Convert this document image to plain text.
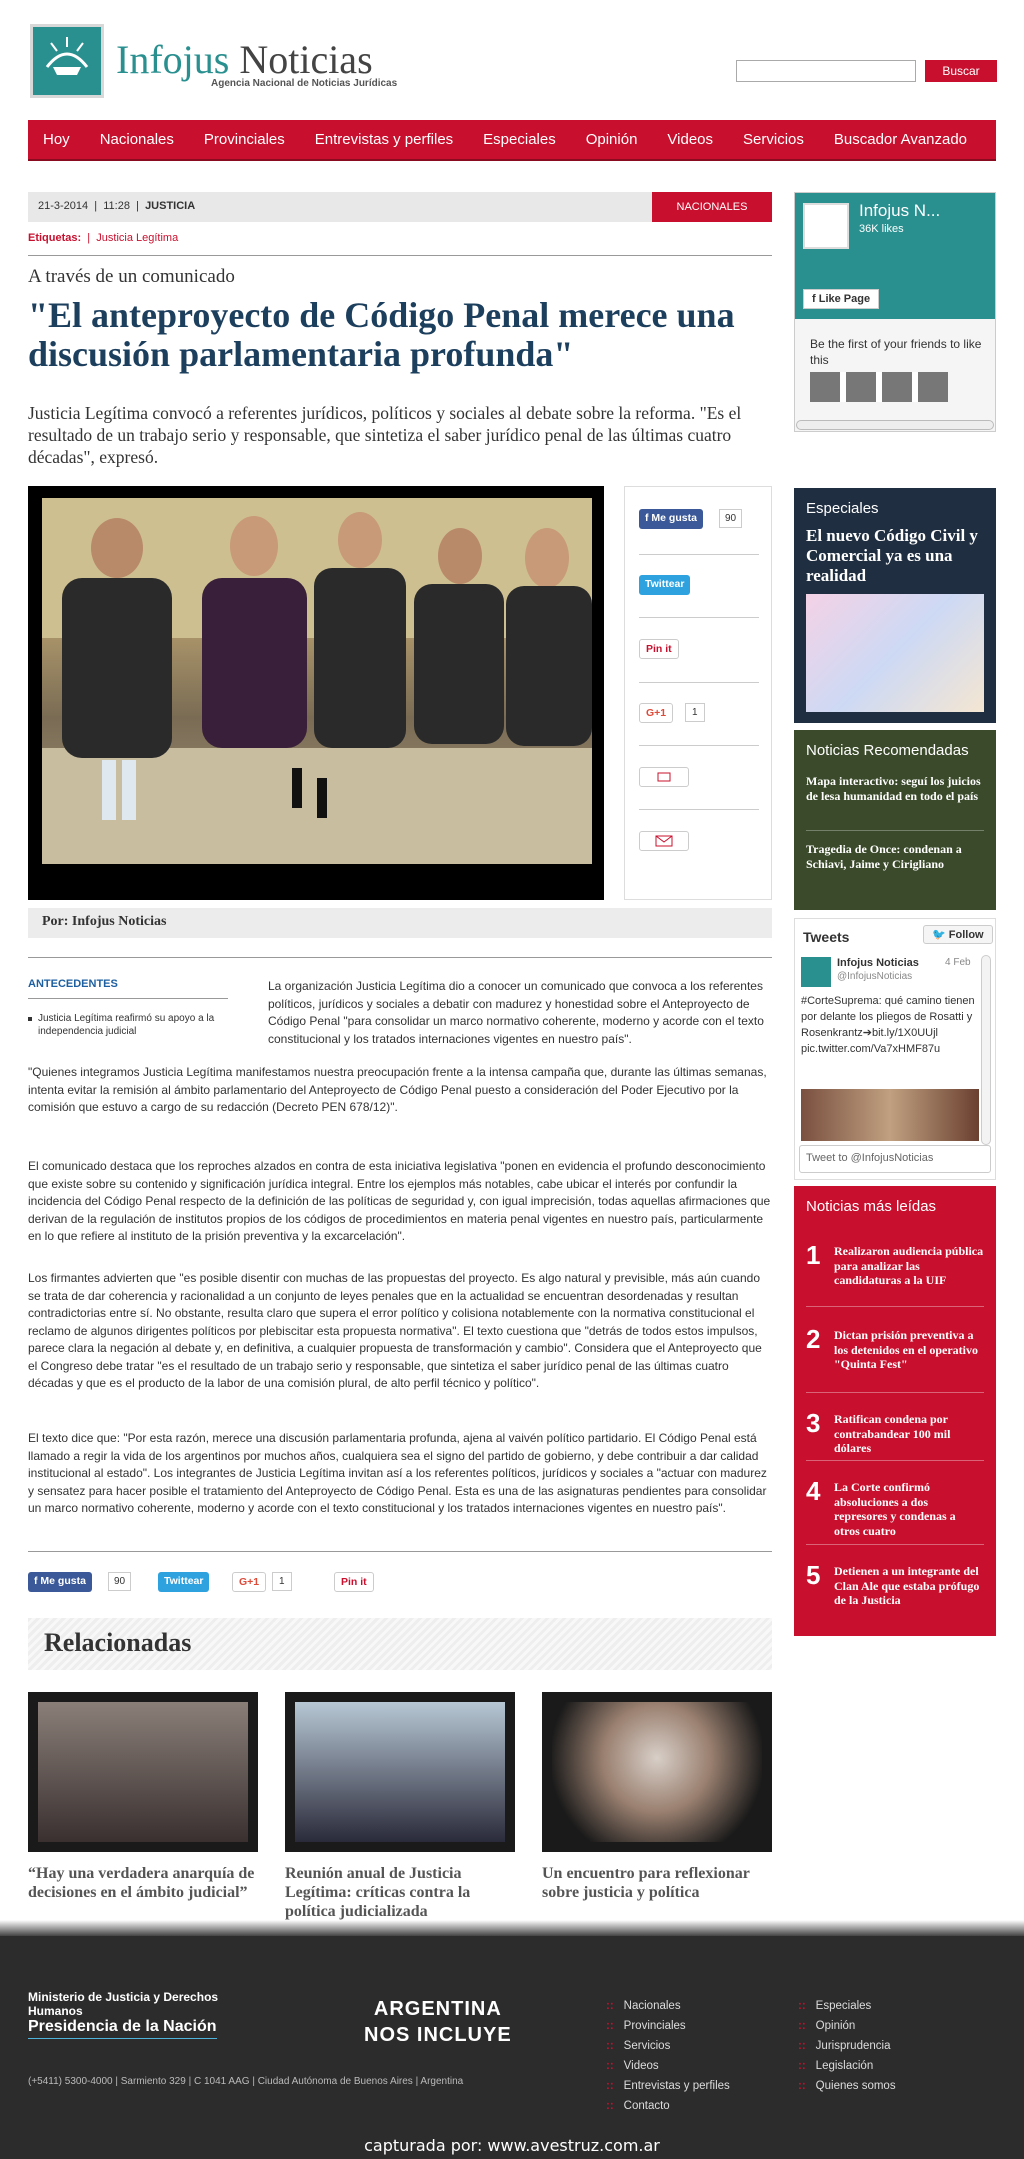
Infojus Noticias
Agencia Nacional de Noticias Jurídicas
Buscar
Hoy	Nacionales	Provinciales	Entrevistas y perfiles	Especiales	Opinión	Videos	Servicios	Buscador Avanzado
21-3-2014  |  11:28  |  JUSTICIA	NACIONALES
Etiquetas:  |  Justicia Legítima
A través de un comunicado
"El anteproyecto de Código Penal merece una discusión parlamentaria profunda"

Justicia Legítima convocó a referentes jurídicos, políticos y sociales al debate sobre la reforma. "Es el resultado de un trabajo serio y responsable, que sintetiza el saber jurídico penal de las últimas cuatro décadas", expresó.

f Me gusta	90
Twittear
Pin it
G+1	1
Por: Infojus Noticias
ANTECEDENTES
Justicia Legítima reafirmó su apoyo a la independencia judicial

La organización Justicia Legítima dio a conocer un comunicado que convoca a los referentes políticos, jurídicos y sociales a debatir con madurez y honestidad sobre el Anteproyecto de Código Penal "para consolidar un marco normativo coherente, moderno y acorde con el texto constitucional y los tratados internaciones vigentes en nuestro país".

"Quienes integramos Justicia Legítima manifestamos nuestra preocupación frente a la intensa campaña que, durante las últimas semanas, intenta evitar la remisión al ámbito parlamentario del Anteproyecto de Código Penal puesto a consideración del Poder Ejecutivo por la comisión que estuvo a cargo de su redacción (Decreto PEN 678/12)".

El comunicado destaca que los reproches alzados en contra de esta iniciativa legislativa "ponen en evidencia el profundo desconocimiento que existe sobre su contenido y significación jurídica integral. Entre los ejemplos más notables, cabe ubicar el interés por confundir la incidencia del Código Penal respecto de la definición de las políticas de seguridad y, con igual imprecisión, todas aquellas afirmaciones que derivan de la regulación de institutos propios de los códigos de procedimientos en materia penal vigentes en nuestro país, particularmente en lo que refiere al instituto de la prisión preventiva y la excarcelación".

Los firmantes advierten que "es posible disentir con muchas de las propuestas del proyecto. Es algo natural y previsible, más aún cuando se trata de dar coherencia y racionalidad a un conjunto de leyes penales que en la actualidad se encuentran desordenadas y resultan contradictorias entre sí. No obstante, resulta claro que supera el error político y colisiona notablemente con la normativa constitucional el reclamo de algunos dirigentes políticos por plebiscitar esta propuesta normativa". El texto cuestiona que "detrás de todos estos impulsos, parece clara la negación al debate y, en definitiva, a cualquier propuesta de transformación y cambio". Considera que el Anteproyecto que el Congreso debe tratar "es el resultado de un trabajo serio y responsable, que sintetiza el saber jurídico penal de las últimas cuatro décadas y que es el producto de la labor de una comisión plural, de alto perfil técnico y político".

El texto dice que: "Por esta razón, merece una discusión parlamentaria profunda, ajena al vaivén político partidario. El Código Penal está llamado a regir la vida de los argentinos por muchos años, cualquiera sea el signo del partido de gobierno, y debe contribuir a dar calidad institucional al estado". Los integrantes de Justicia Legítima invitan así a los referentes políticos, jurídicos y sociales a "actuar con madurez y sensatez para hacer posible el tratamiento del Anteproyecto de Código Penal. Esta es una de las asignaturas pendientes para consolidar un marco normativo coherente, moderno y acorde con el texto constitucional y los tratados internaciones vigentes en nuestro país".

f Me gusta	90	Twittear	G+1	1	Pin it
Relacionadas
“Hay una verdadera anarquía de decisiones en el ámbito judicial”
Reunión anual de Justicia Legítima: críticas contra la política judicializada
Un encuentro para reflexionar sobre justicia y política
Infojus N...
36K likes
f Like Page
Be the first of your friends to like this
Especiales
El nuevo Código Civil y Comercial ya es una realidad
Noticias Recomendadas
Mapa interactivo: seguí los juicios de lesa humanidad en todo el país
Tragedia de Once: condenan a Schiavi, Jaime y Cirigliano
Tweets	🐦 Follow
Infojus Noticias	4 Feb
@InfojusNoticias
#CorteSuprema: qué camino tienen por delante los pliegos de Rosatti y Rosenkrantz➔bit.ly/1X0UUjl pic.twitter.com/Va7xHMF87u
Tweet to @InfojusNoticias
Noticias más leídas
1 Realizaron audiencia pública para analizar las candidaturas a la UIF
2 Dictan prisión preventiva a los detenidos en el operativo "Quinta Fest"
3 Ratifican condena por contrabandear 100 mil dólares
4 La Corte confirmó absoluciones a dos represores y condenas a otros cuatro
5 Detienen a un integrante del Clan Ale que estaba prófugo de la Justicia
Ministerio de Justicia y Derechos Humanos
Presidencia de la Nación
ARGENTINA
NOS INCLUYE
(+5411) 5300-4000 | Sarmiento 329 | C 1041 AAG | Ciudad Autónoma de Buenos Aires | Argentina
:: Nacionales
:: Provinciales
:: Servicios
:: Videos
:: Entrevistas y perfiles
:: Contacto
:: Especiales
:: Opinión
:: Jurisprudencia
:: Legislación
:: Quienes somos
capturada por: www.avestruz.com.ar
